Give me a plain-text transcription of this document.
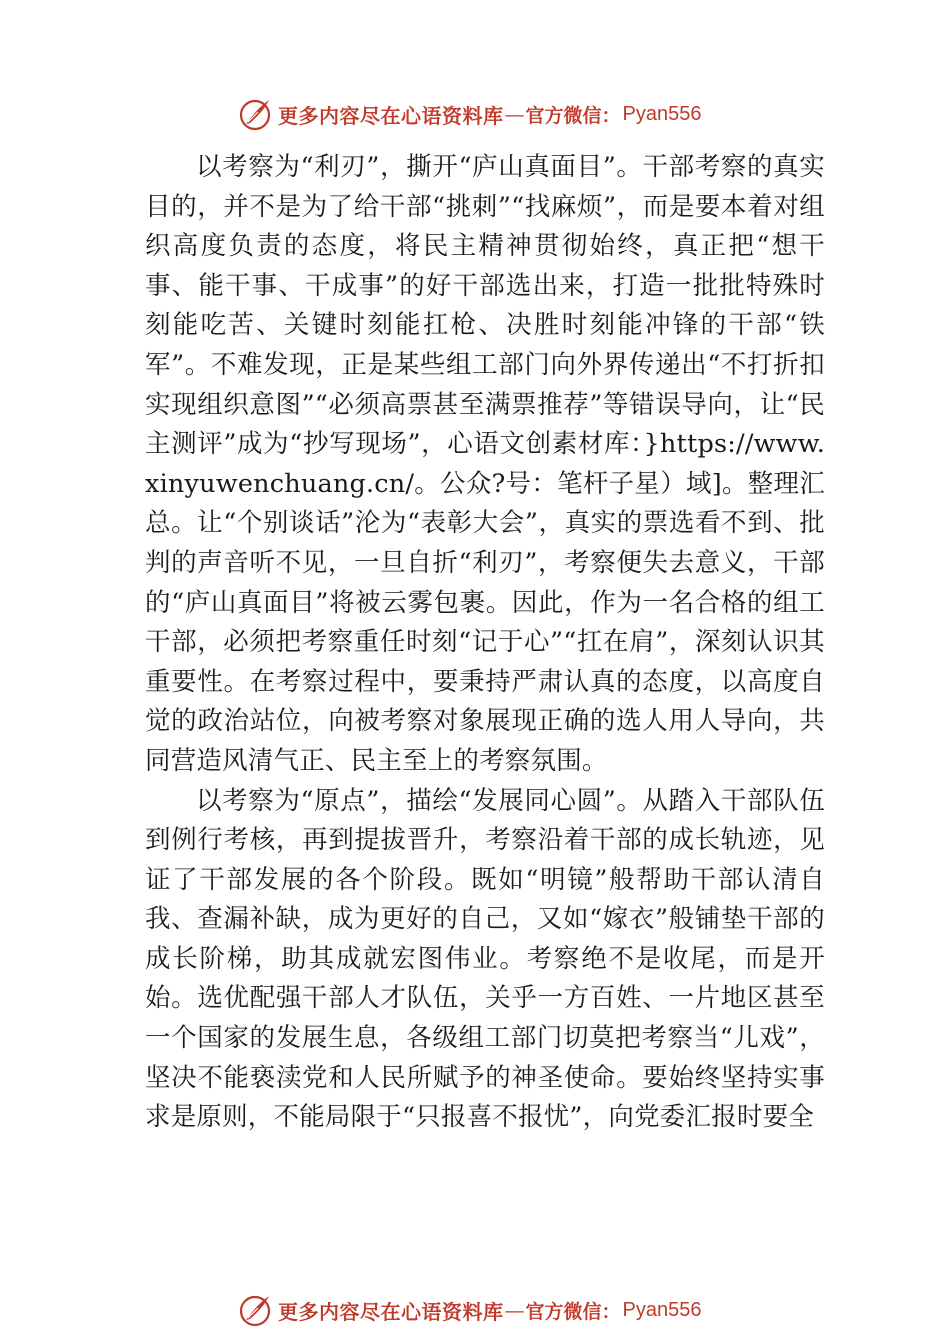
更多内容尽在心语资料库 — 官方微信： Pyan556

以考察为“利刃”，撕开“庐山真面目”。干部考察的真实目的，并不是为了给干部“挑刺”“找麻烦”，而是要本着对组织高度负责的态度，将民主精神贯彻始终，真正把“想干事、能干事、干成事”的好干部选出来，打造一批批特殊时刻能吃苦、关键时刻能扛枪、决胜时刻能冲锋的干部“铁军”。不难发现，正是某些组工部门向外界传递出“不打折扣实现组织意图”“必须高票甚至满票推荐”等错误导向，让“民主测评”成为“抄写现场”，心语文创素材库：}https://www.xinyuwenchuang.cn/。公众?号：笔杆子星）域]。整理汇总。让“个别谈话”沦为“表彰大会”，真实的票选看不到、批判的声音听不见，一旦自折“利刃”，考察便失去意义，干部的“庐山真面目”将被云雾包裹。因此，作为一名合格的组工干部，必须把考察重任时刻“记于心”“扛在肩”，深刻认识其重要性。在考察过程中，要秉持严肃认真的态度，以高度自觉的政治站位，向被考察对象展现正确的选人用人导向，共同营造风清气正、民主至上的考察氛围。

以考察为“原点”，描绘“发展同心圆”。从踏入干部队伍到例行考核，再到提拔晋升，考察沿着干部的成长轨迹，见证了干部发展的各个阶段。既如“明镜”般帮助干部认清自我、查漏补缺，成为更好的自己，又如“嫁衣”般铺垫干部的成长阶梯，助其成就宏图伟业。考察绝不是收尾，而是开始。选优配强干部人才队伍，关乎一方百姓、一片地区甚至一个国家的发展生息，各级组工部门切莫把考察当“儿戏”，坚决不能亵渎党和人民所赋予的神圣使命。要始终坚持实事 求是原则，不能局限于“只报喜不报忧”，向党委汇报时要全

更多内容尽在心语资料库 — 官方微信： Pyan556
